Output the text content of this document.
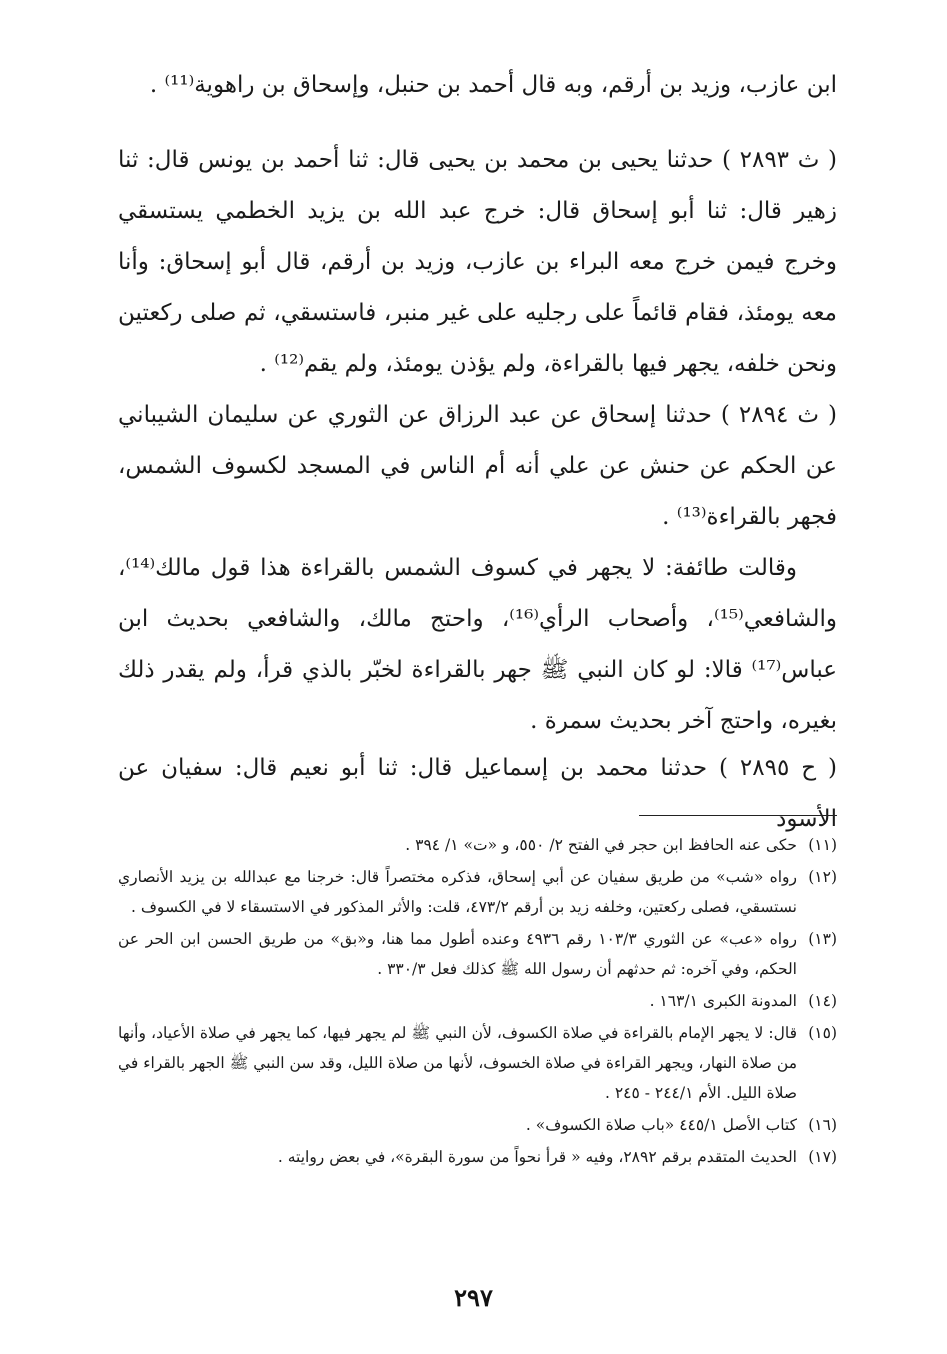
ابن عازب، وزيد بن أرقم، وبه قال أحمد بن حنبل، وإسحاق بن راهوية⁽¹¹⁾ .

( ث ٢٨٩٣ ) حدثنا يحيى بن محمد بن يحيى قال: ثنا أحمد بن يونس قال: ثنا زهير قال: ثنا أبو إسحاق قال: خرج عبد الله بن يزيد الخطمي يستسقي وخرج فيمن خرج معه البراء بن عازب، وزيد بن أرقم، قال أبو إسحاق: وأنا معه يومئذ، فقام قائماً على رجليه على غير منبر، فاستسقي، ثم صلى ركعتين ونحن خلفه، يجهر فيها بالقراءة، ولم يؤذن يومئذ، ولم يقم⁽¹²⁾ .

( ث ٢٨٩٤ ) حدثنا إسحاق عن عبد الرزاق عن الثوري عن سليمان الشيباني عن الحكم عن حنش عن علي أنه أم الناس في المسجد لكسوف الشمس، فجهر بالقراءة⁽¹³⁾ .

وقالت طائفة: لا يجهر في كسوف الشمس بالقراءة هذا قول مالك⁽¹⁴⁾، والشافعي⁽¹⁵⁾، وأصحاب الرأي⁽¹⁶⁾، واحتج مالك، والشافعي بحديث ابن عباس⁽¹⁷⁾ قالا: لو كان النبي ﷺ جهر بالقراءة لخبّر بالذي قرأ، ولم يقدر ذلك بغيره، واحتج آخر بحديث سمرة .

( ح ٢٨٩٥ ) حدثنا محمد بن إسماعيل قال: ثنا أبو نعيم قال: سفيان عن الأسود

(١١)
حكى عنه الحافظ ابن حجر في الفتح ٢/ ٥٥٠، و «ت» ١/ ٣٩٤ .
(١٢)
رواه «شب» من طريق سفيان عن أبي إسحاق، فذكره مختصراً قال: خرجنا مع عبدالله بن يزيد الأنصاري نستسقي، فصلى ركعتين، وخلفه زيد بن أرقم ٤٧٣/٢، قلت: والأثر المذكور في الاستسقاء لا في الكسوف .
(١٣)
رواه «عب» عن الثوري ١٠٣/٣ رقم ٤٩٣٦ وعنده أطول مما هنا، و«بق» من طريق الحسن ابن الحر عن الحكم، وفي آخره: ثم حدثهم أن رسول الله ﷺ كذلك فعل ٣٣٠/٣ .
(١٤)
المدونة الكبرى ١٦٣/١ .
(١٥)
قال: لا يجهر الإمام بالقراءة في صلاة الكسوف، لأن النبي ﷺ لم يجهر فيها، كما يجهر في صلاة الأعياد، وأنها من صلاة النهار، ويجهر القراءة في صلاة الخسوف، لأنها من صلاة الليل، وقد سن النبي ﷺ الجهر بالقراء في صلاة الليل. الأم ٢٤٤/١ - ٢٤٥ .
(١٦)
كتاب الأصل ٤٤٥/١ «باب صلاة الكسوف» .
(١٧)
الحديث المتقدم برقم ٢٨٩٢، وفيه « قرأ نحواً من سورة البقرة»، في بعض روايته .
٢٩٧
